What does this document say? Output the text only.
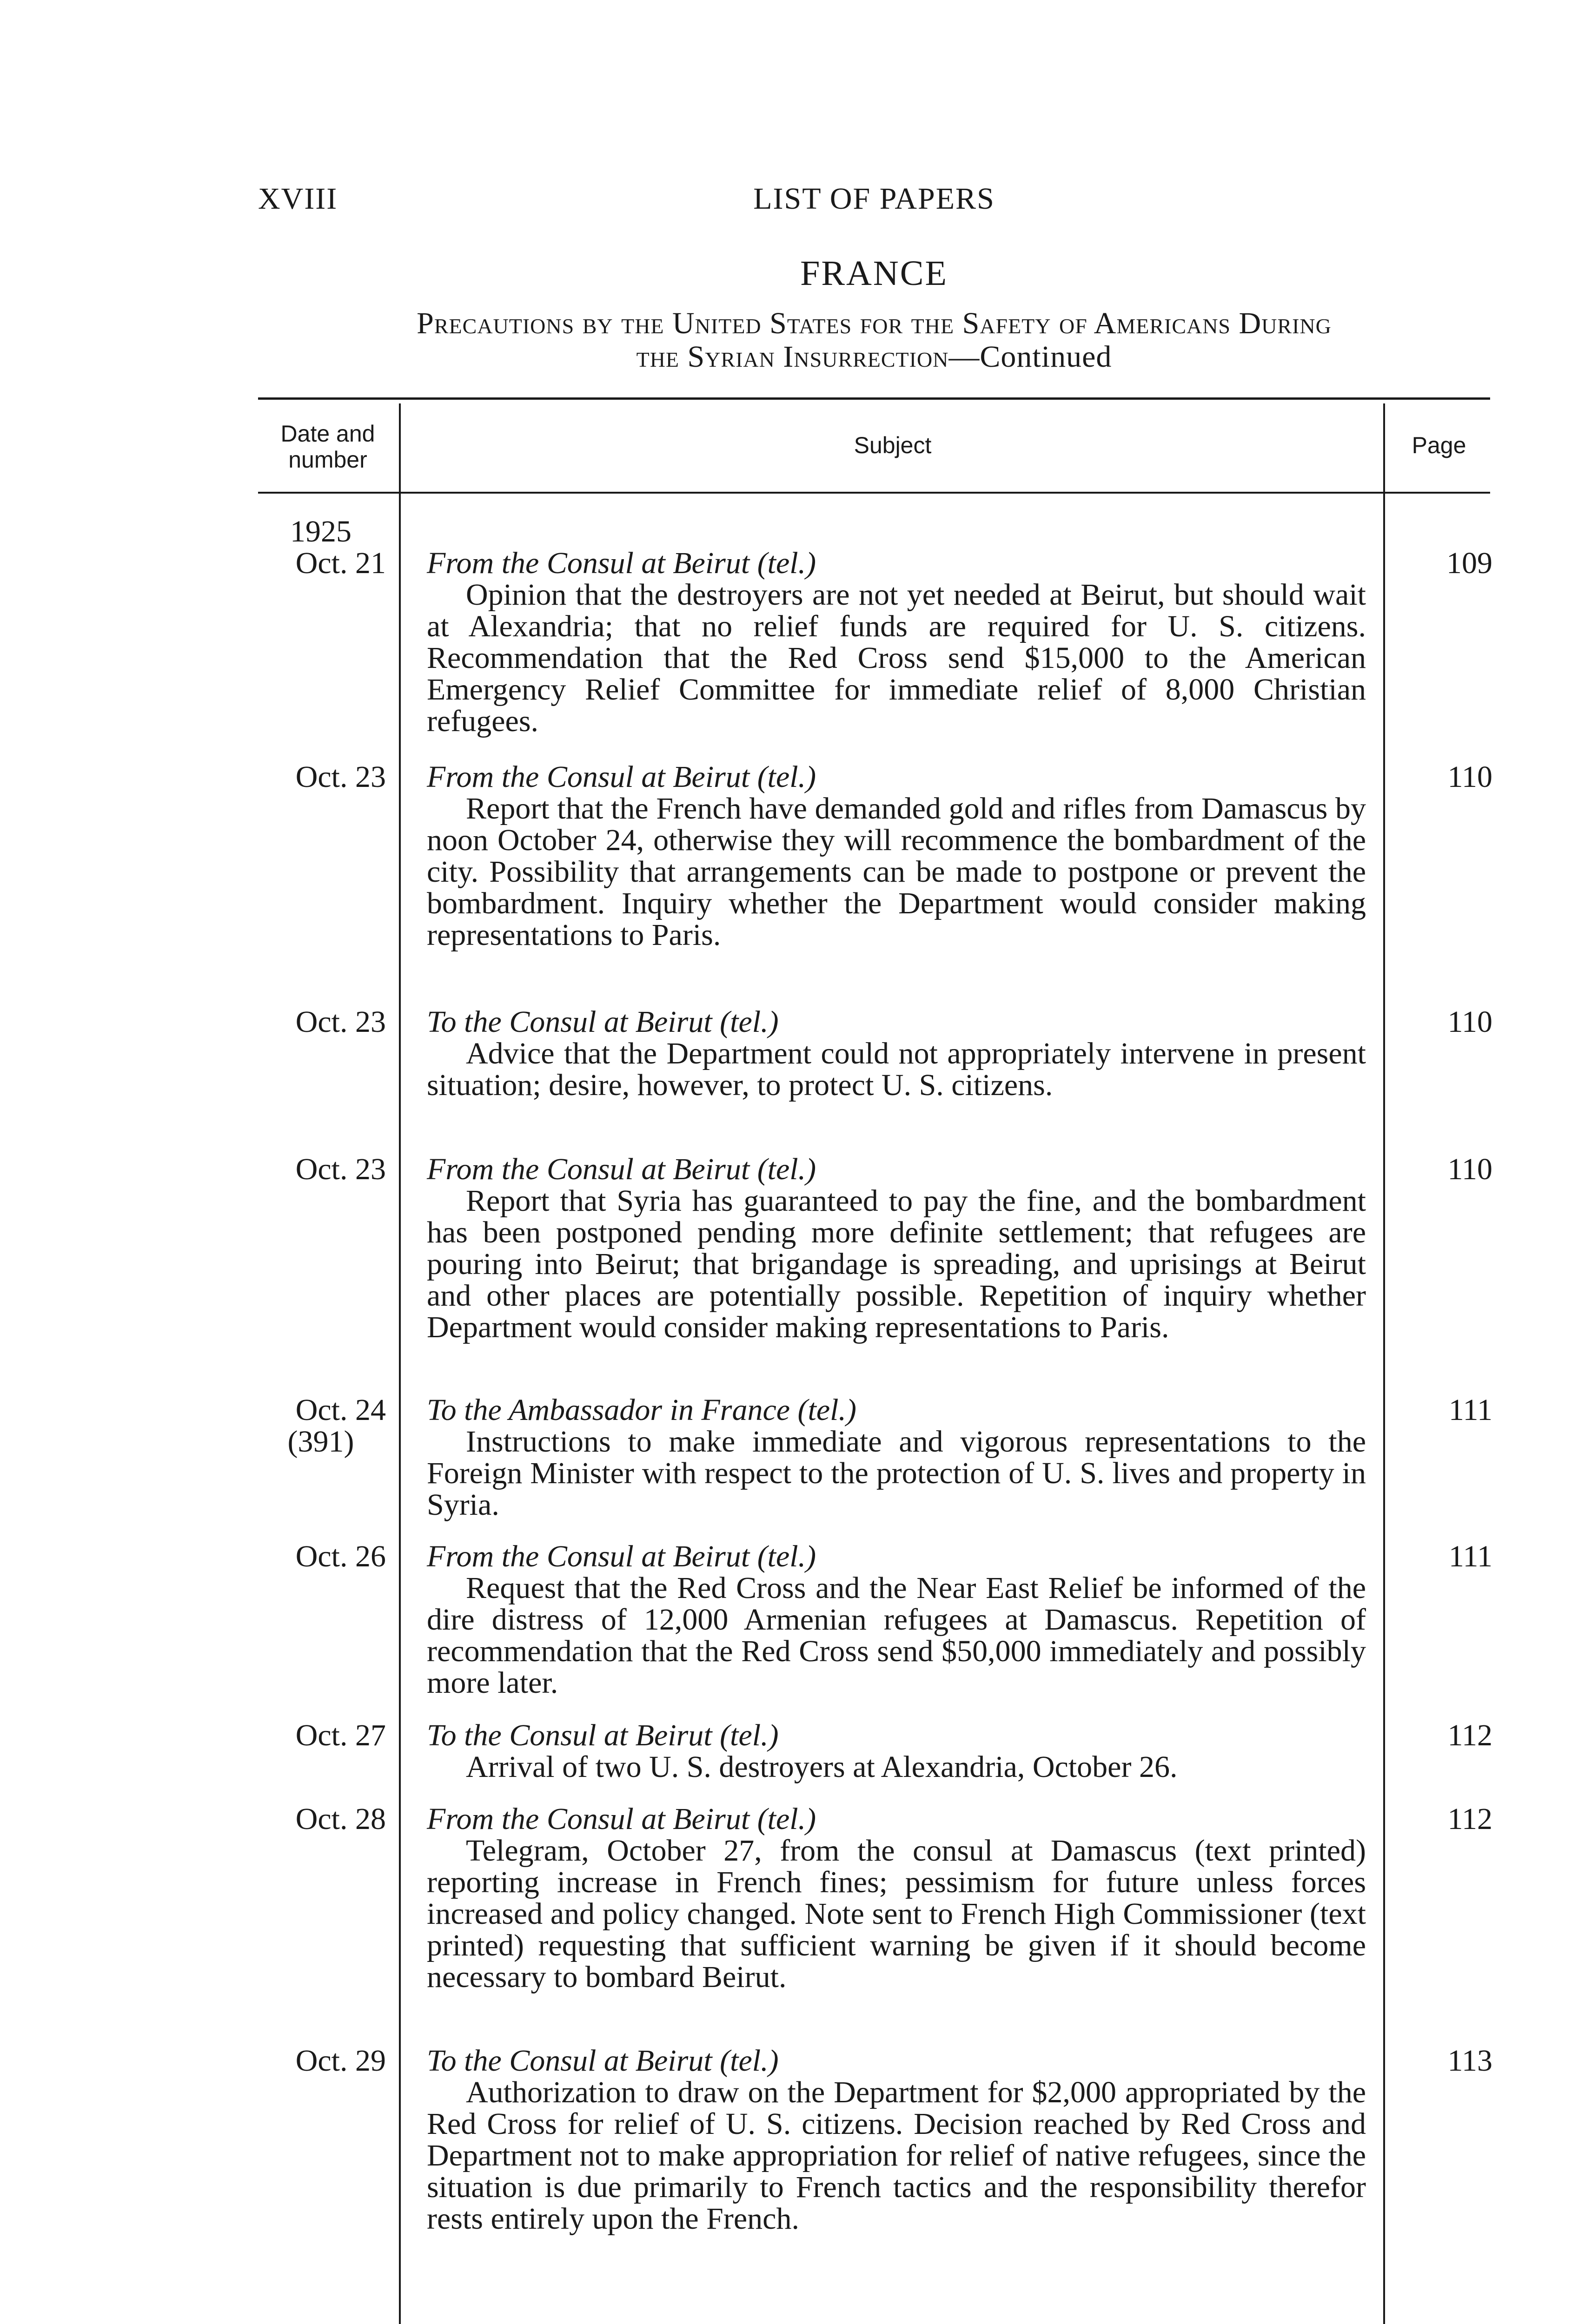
XVIII	LIST OF PAPERS
FRANCE
Precautions by the United States for the Safety of Americans During
the Syrian Insurrection—Continued
Date and number
Subject	Page
1925
Oct. 21 From the Consul at Beirut (tel.)
Opinion that the destroyers are not yet needed at Beirut, but should wait at Alexandria; that no relief funds are required for U. S. citizens. Recommendation that the Red Cross send $15,000 to the American Emergency Relief Committee for immediate relief of 8,000 Christian refugees.
109
Oct. 23 From the Consul at Beirut (tel.)
Report that the French have demanded gold and rifles from Damascus by noon October 24, otherwise they will recommence the bombardment of the city. Possibility that arrangements can be made to postpone or prevent the bombardment. Inquiry whether the Department would consider making representations to Paris.
110
Oct. 23 To the Consul at Beirut (tel.)
Advice that the Department could not appropriately intervene in present situation; desire, however, to protect U. S. citizens.
110
Oct. 23 From the Consul at Beirut (tel.)
Report that Syria has guaranteed to pay the fine, and the bombardment has been postponed pending more definite settlement; that refugees are pouring into Beirut; that brigandage is spreading, and uprisings at Beirut and other places are potentially possible. Repetition of inquiry whether Department would consider making representations to Paris.
110
Oct. 24
(391)
To the Ambassador in France (tel.)
Instructions to make immediate and vigorous representations to the Foreign Minister with respect to the protection of U. S. lives and property in Syria.
111
Oct. 26 From the Consul at Beirut (tel.)
Request that the Red Cross and the Near East Relief be informed of the dire distress of 12,000 Armenian refugees at Damascus. Repetition of recommendation that the Red Cross send $50,000 immediately and possibly more later.
111
Oct. 27 To the Consul at Beirut (tel.)
Arrival of two U. S. destroyers at Alexandria, October 26.
112
Oct. 28 From the Consul at Beirut (tel.)
Telegram, October 27, from the consul at Damascus (text printed) reporting increase in French fines; pessimism for future unless forces increased and policy changed. Note sent to French High Commissioner (text printed) requesting that sufficient warning be given if it should become necessary to bombard Beirut.
112
Oct. 29 To the Consul at Beirut (tel.)
Authorization to draw on the Department for $2,000 appropriated by the Red Cross for relief of U. S. citizens. Decision reached by Red Cross and Department not to make appropriation for relief of native refugees, since the situation is due primarily to French tactics and the responsibility therefor rests entirely upon the French.
113
